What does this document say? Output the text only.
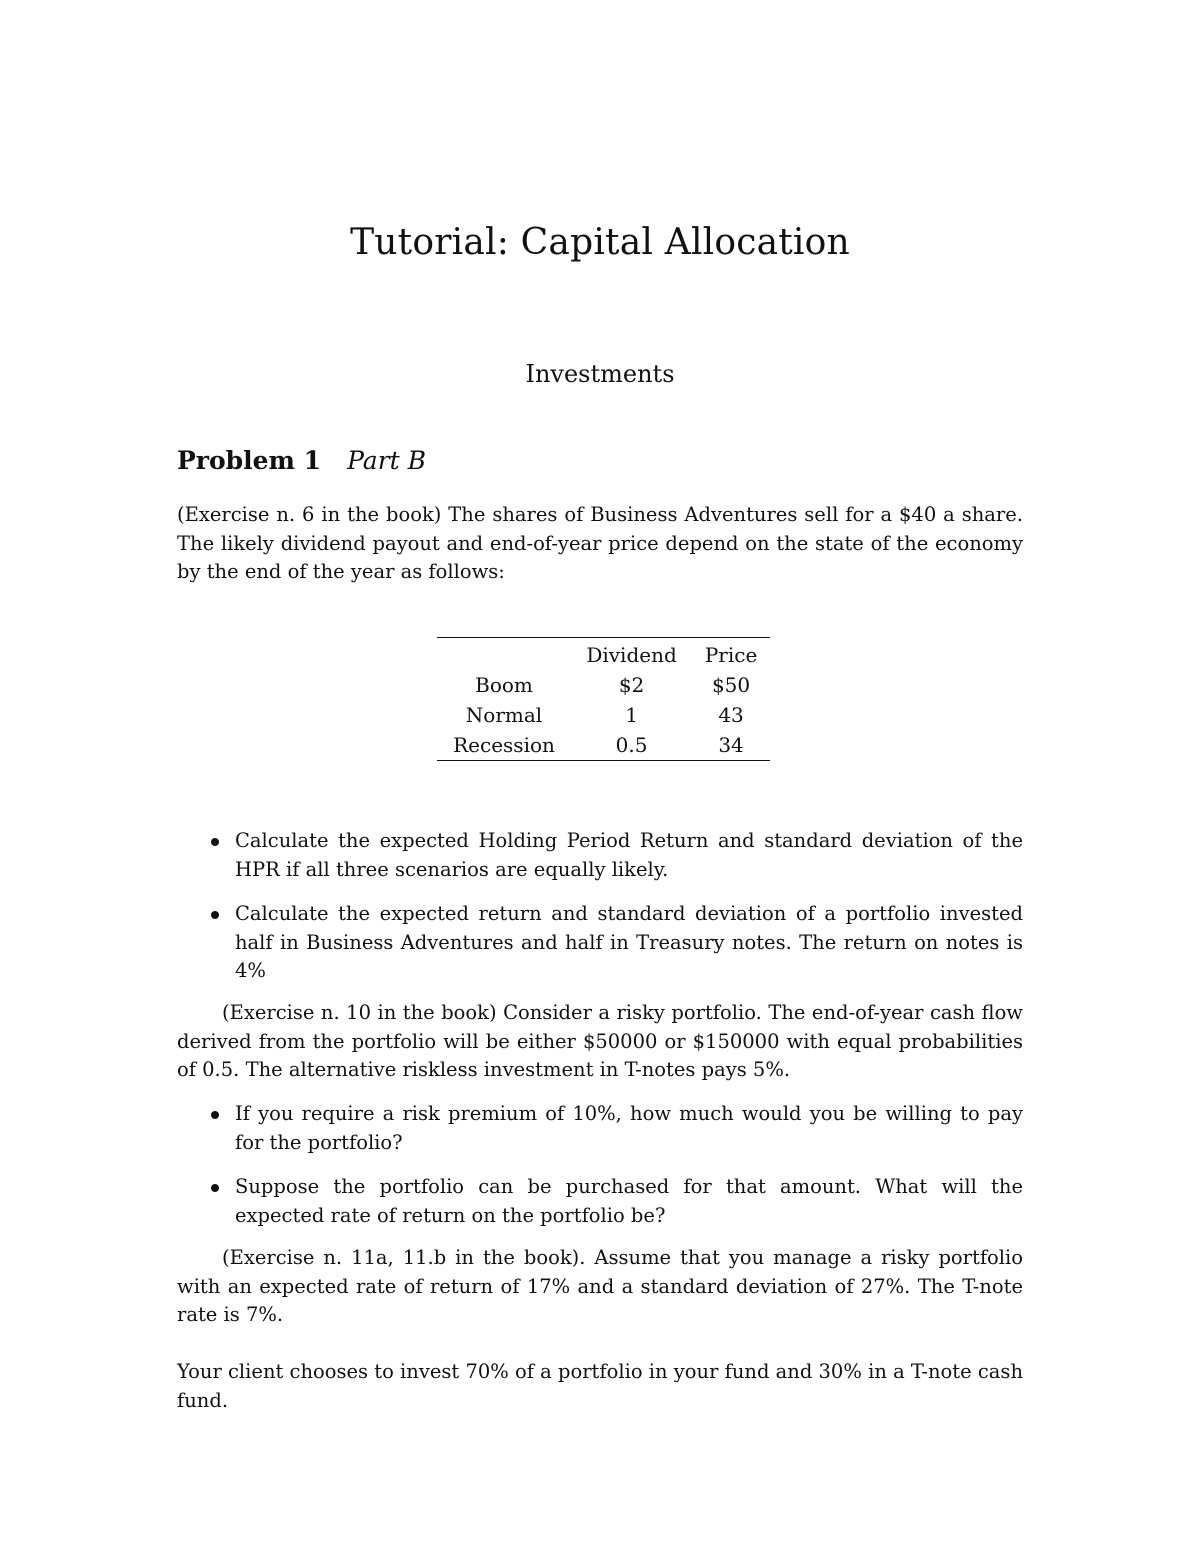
Tutorial: Capital Allocation
Investments
Problem 1 Part B
(Exercise n. 6 in the book) The shares of Business Adventures sell for a $40 a share. The likely dividend payout and end-of-year price depend on the state of the economy by the end of the year as follows:
	Dividend	Price
Boom	$2	$50
Normal	1	43
Recession	0.5	34
Calculate the expected Holding Period Return and standard deviation of the HPR if all three scenarios are equally likely.
Calculate the expected return and standard deviation of a portfolio invested half in Business Adventures and half in Treasury notes. The return on notes is 4%
(Exercise n. 10 in the book) Consider a risky portfolio. The end-of-year cash flow derived from the portfolio will be either $50000 or $150000 with equal probabilities of 0.5. The alternative riskless investment in T-notes pays 5%.
If you require a risk premium of 10%, how much would you be willing to pay for the portfolio?
Suppose the portfolio can be purchased for that amount. What will the expected rate of return on the portfolio be?
(Exercise n. 11a, 11.b in the book). Assume that you manage a risky portfolio with an expected rate of return of 17% and a standard deviation of 27%. The T-note rate is 7%.
Your client chooses to invest 70% of a portfolio in your fund and 30% in a T-note cash fund.
